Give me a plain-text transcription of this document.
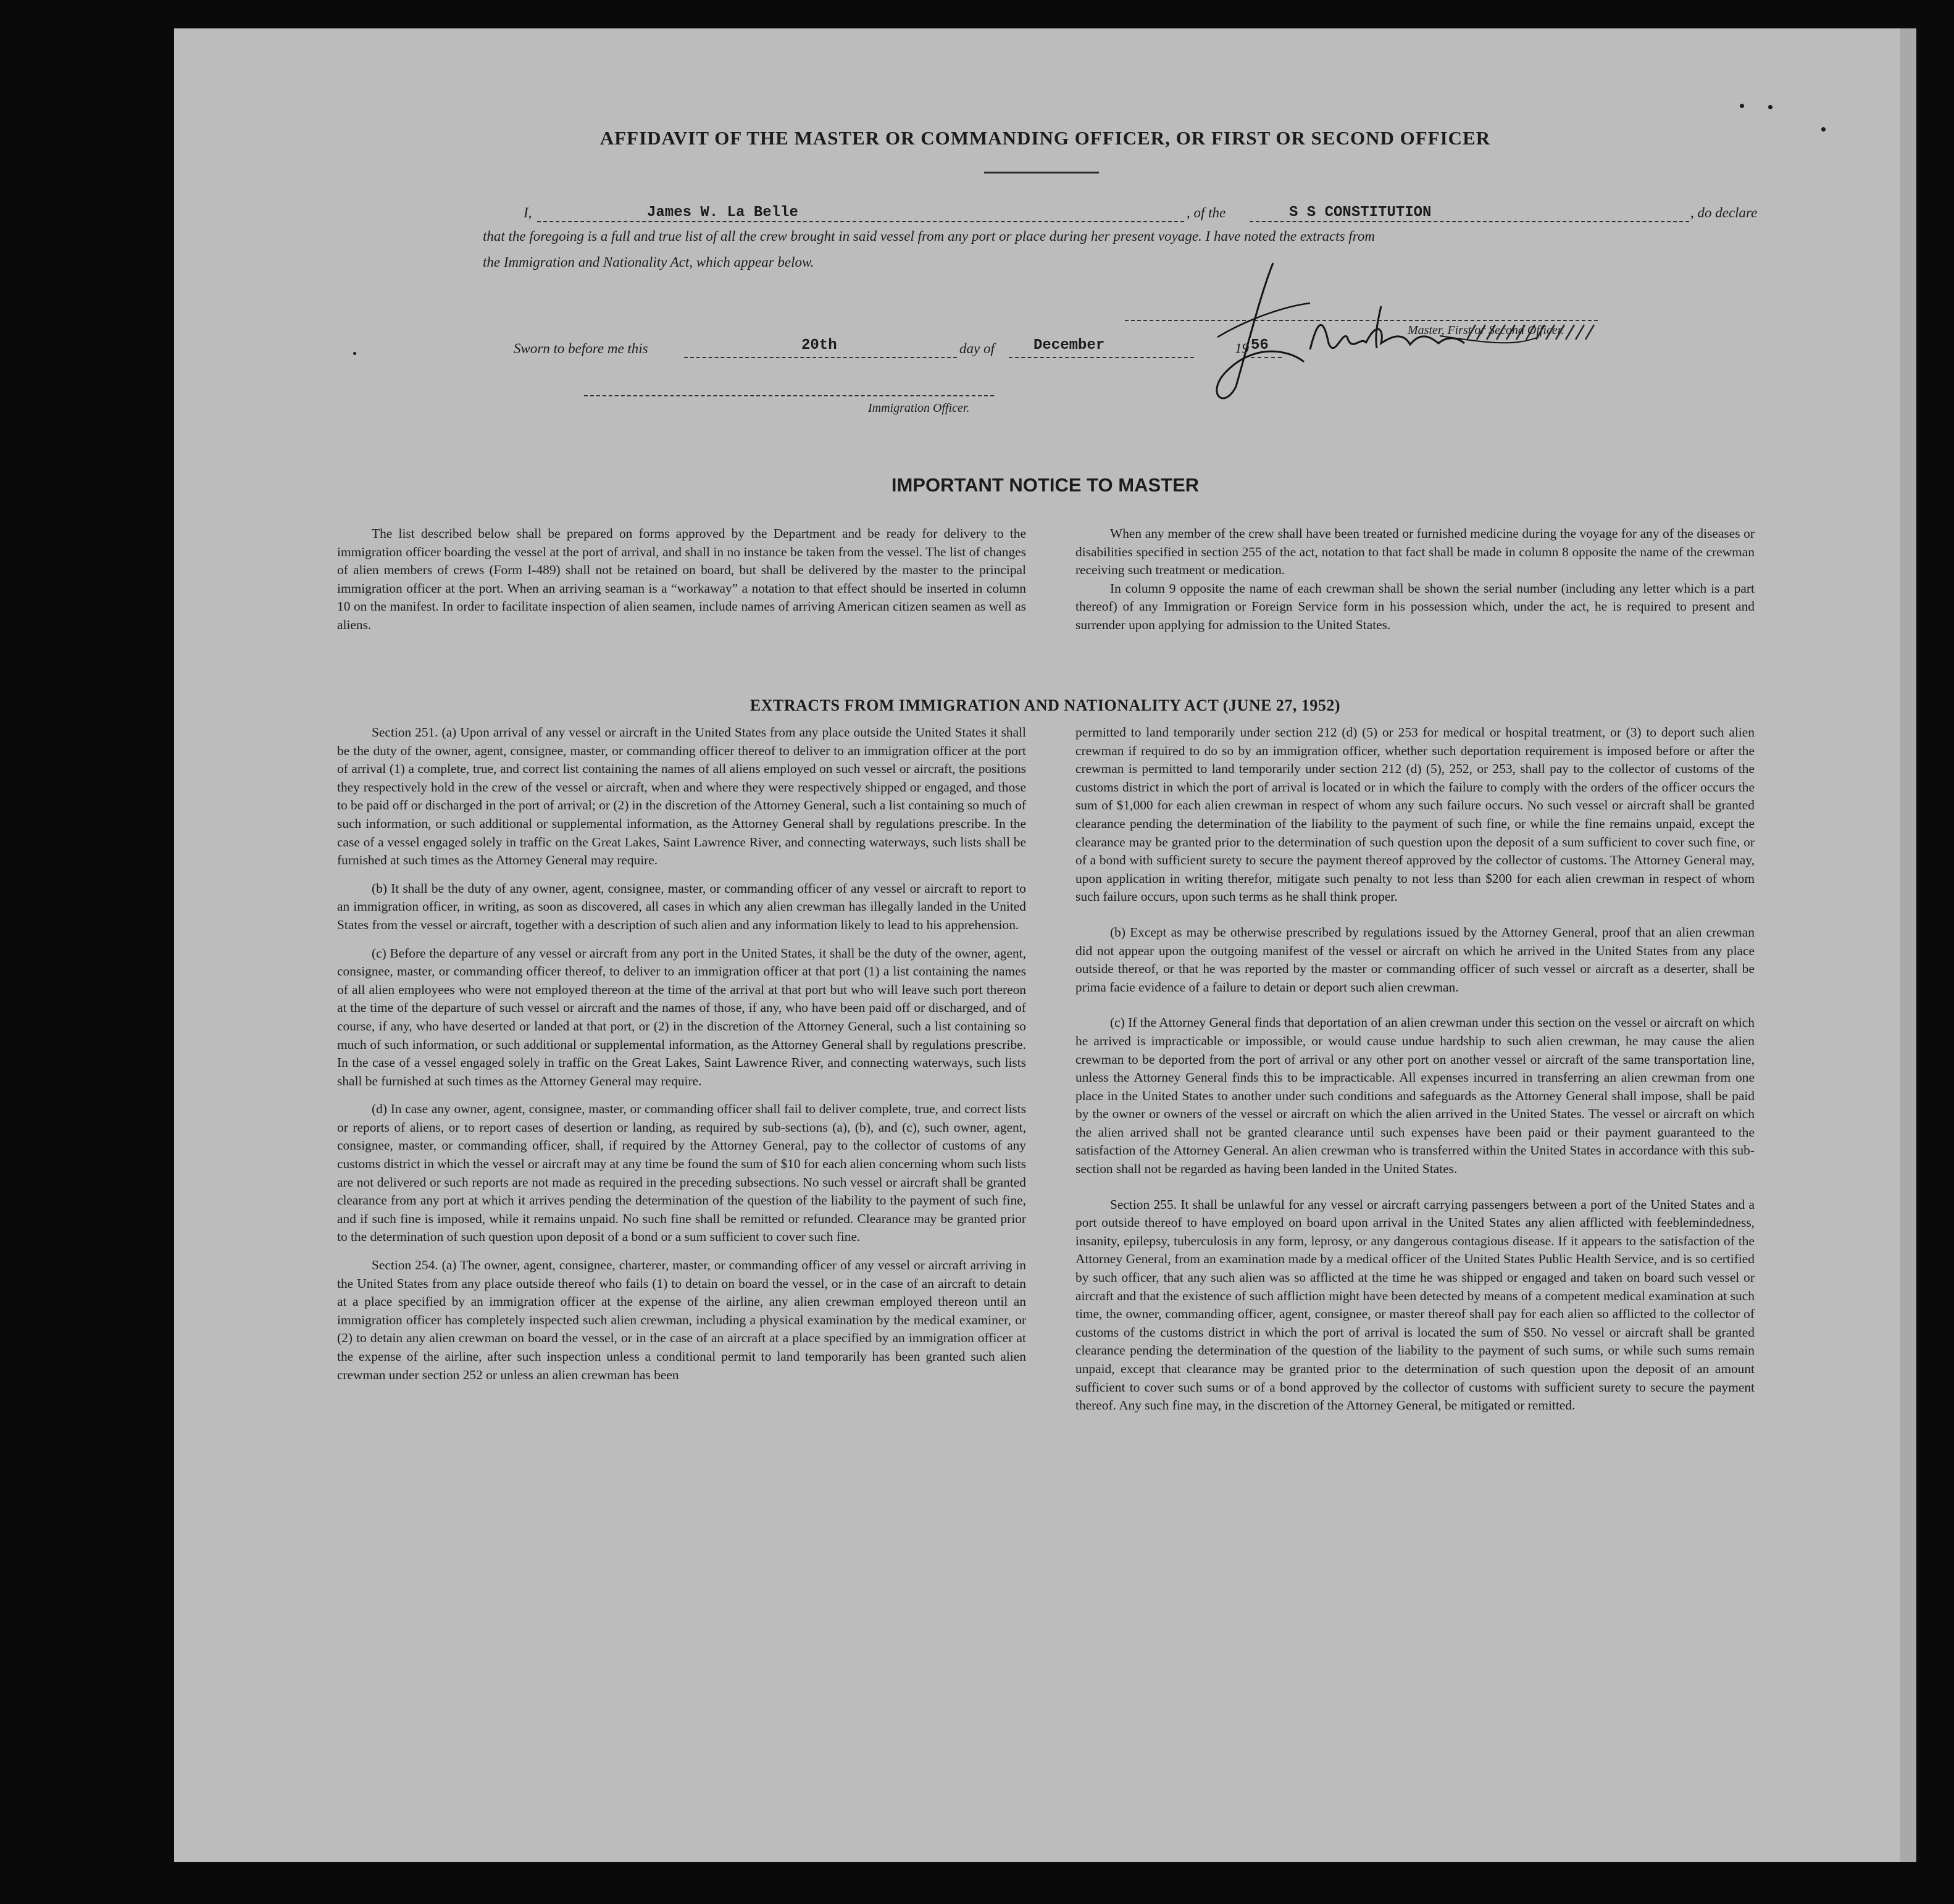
AFFIDAVIT OF THE MASTER OR COMMANDING OFFICER, OR FIRST OR SECOND OFFICER
I,	James W. La Belle	, of the	S S CONSTITUTION	, do declare
that the foregoing is a full and true list of all the crew brought in said vessel from any port or place during her present voyage. I have noted the extracts from
the Immigration and Nationality Act, which appear below.
Master, First or Second Officer.
Sworn to before me this	20th	day of	December	19 56
Immigration Officer.
IMPORTANT NOTICE TO MASTER

The list described below shall be prepared on forms approved by the Department and be ready for delivery to the immigration officer boarding the vessel at the port of arrival, and shall in no instance be taken from the vessel. The list of changes of alien members of crews (Form I-489) shall not be retained on board, but shall be delivered by the master to the principal immigration officer at the port. When an arriving seaman is a “workaway” a notation to that effect should be inserted in column 10 on the manifest. In order to facilitate inspection of alien seamen, include names of arriving American citizen seamen as well as aliens.

When any member of the crew shall have been treated or furnished medicine during the voyage for any of the diseases or disabilities specified in section 255 of the act, notation to that fact shall be made in column 8 opposite the name of the crewman receiving such treatment or medication.

In column 9 opposite the name of each crewman shall be shown the serial number (including any letter which is a part thereof) of any Immigration or Foreign Service form in his possession which, under the act, he is required to present and surrender upon applying for admission to the United States.

EXTRACTS FROM IMMIGRATION AND NATIONALITY ACT (JUNE 27, 1952)

Section 251. (a) Upon arrival of any vessel or aircraft in the United States from any place outside the United States it shall be the duty of the owner, agent, consignee, master, or commanding officer thereof to deliver to an immigration officer at the port of arrival (1) a complete, true, and correct list containing the names of all aliens employed on such vessel or aircraft, the positions they respectively hold in the crew of the vessel or aircraft, when and where they were respectively shipped or engaged, and those to be paid off or discharged in the port of arrival; or (2) in the discretion of the Attorney General, such a list containing so much of such information, or such additional or supplemental information, as the Attorney General shall by regulations prescribe. In the case of a vessel engaged solely in traffic on the Great Lakes, Saint Lawrence River, and connecting waterways, such lists shall be furnished at such times as the Attorney General may require.

(b) It shall be the duty of any owner, agent, consignee, master, or commanding officer of any vessel or aircraft to report to an immigration officer, in writing, as soon as discovered, all cases in which any alien crewman has illegally landed in the United States from the vessel or aircraft, together with a description of such alien and any information likely to lead to his apprehension.

(c) Before the departure of any vessel or aircraft from any port in the United States, it shall be the duty of the owner, agent, consignee, master, or commanding officer thereof, to deliver to an immigration officer at that port (1) a list containing the names of all alien employees who were not employed thereon at the time of the arrival at that port but who will leave such port thereon at the time of the departure of such vessel or aircraft and the names of those, if any, who have been paid off or discharged, and of course, if any, who have deserted or landed at that port, or (2) in the discretion of the Attorney General, such a list containing so much of such information, or such additional or supplemental information, as the Attorney General shall by regulations prescribe. In the case of a vessel engaged solely in traffic on the Great Lakes, Saint Lawrence River, and connecting waterways, such lists shall be furnished at such times as the Attorney General may require.

(d) In case any owner, agent, consignee, master, or commanding officer shall fail to deliver complete, true, and correct lists or reports of aliens, or to report cases of desertion or landing, as required by sub-sections (a), (b), and (c), such owner, agent, consignee, master, or commanding officer, shall, if required by the Attorney General, pay to the collector of customs of any customs district in which the vessel or aircraft may at any time be found the sum of $10 for each alien concerning whom such lists are not delivered or such reports are not made as required in the preceding subsections. No such vessel or aircraft shall be granted clearance from any port at which it arrives pending the determination of the question of the liability to the payment of such fine, and if such fine is imposed, while it remains unpaid. No such fine shall be remitted or refunded. Clearance may be granted prior to the determination of such question upon deposit of a bond or a sum sufficient to cover such fine.

Section 254. (a) The owner, agent, consignee, charterer, master, or commanding officer of any vessel or aircraft arriving in the United States from any place outside thereof who fails (1) to detain on board the vessel, or in the case of an aircraft to detain at a place specified by an immigration officer at the expense of the airline, any alien crewman employed thereon until an immigration officer has completely inspected such alien crewman, including a physical examination by the medical examiner, or (2) to detain any alien crewman on board the vessel, or in the case of an aircraft at a place specified by an immigration officer at the expense of the airline, after such inspection unless a conditional permit to land temporarily has been granted such alien crewman under section 252 or unless an alien crewman has been

permitted to land temporarily under section 212 (d) (5) or 253 for medical or hospital treatment, or (3) to deport such alien crewman if required to do so by an immigration officer, whether such deportation requirement is imposed before or after the crewman is permitted to land temporarily under section 212 (d) (5), 252, or 253, shall pay to the collector of customs of the customs district in which the port of arrival is located or in which the failure to comply with the orders of the officer occurs the sum of $1,000 for each alien crewman in respect of whom any such failure occurs. No such vessel or aircraft shall be granted clearance pending the determination of the liability to the payment of such fine, or while the fine remains unpaid, except the clearance may be granted prior to the determination of such question upon the deposit of a sum sufficient to cover such fine, or of a bond with sufficient surety to secure the payment thereof approved by the collector of customs. The Attorney General may, upon application in writing therefor, mitigate such penalty to not less than $200 for each alien crewman in respect of whom such failure occurs, upon such terms as he shall think proper.

(b) Except as may be otherwise prescribed by regulations issued by the Attorney General, proof that an alien crewman did not appear upon the outgoing manifest of the vessel or aircraft on which he arrived in the United States from any place outside thereof, or that he was reported by the master or commanding officer of such vessel or aircraft as a deserter, shall be prima facie evidence of a failure to detain or deport such alien crewman.

(c) If the Attorney General finds that deportation of an alien crewman under this section on the vessel or aircraft on which he arrived is impracticable or impossible, or would cause undue hardship to such alien crewman, he may cause the alien crewman to be deported from the port of arrival or any other port on another vessel or aircraft of the same transportation line, unless the Attorney General finds this to be impracticable. All expenses incurred in transferring an alien crewman from one place in the United States to another under such conditions and safeguards as the Attorney General shall impose, shall be paid by the owner or owners of the vessel or aircraft on which the alien arrived in the United States. The vessel or aircraft on which the alien arrived shall not be granted clearance until such expenses have been paid or their payment guaranteed to the satisfaction of the Attorney General. An alien crewman who is transferred within the United States in accordance with this sub-section shall not be regarded as having been landed in the United States.

Section 255. It shall be unlawful for any vessel or aircraft carrying passengers between a port of the United States and a port outside thereof to have employed on board upon arrival in the United States any alien afflicted with feeblemindedness, insanity, epilepsy, tuberculosis in any form, leprosy, or any dangerous contagious disease. If it appears to the satisfaction of the Attorney General, from an examination made by a medical officer of the United States Public Health Service, and is so certified by such officer, that any such alien was so afflicted at the time he was shipped or engaged and taken on board such vessel or aircraft and that the existence of such affliction might have been detected by means of a competent medical examination at such time, the owner, commanding officer, agent, consignee, or master thereof shall pay for each alien so afflicted to the collector of customs of the customs district in which the port of arrival is located the sum of $50. No vessel or aircraft shall be granted clearance pending the determination of the question of the liability to the payment of such sums, or while such sums remain unpaid, except that clearance may be granted prior to the determination of such question upon the deposit of an amount sufficient to cover such sums or of a bond approved by the collector of customs with sufficient surety to secure the payment thereof. Any such fine may, in the discretion of the Attorney General, be mitigated or remitted.
